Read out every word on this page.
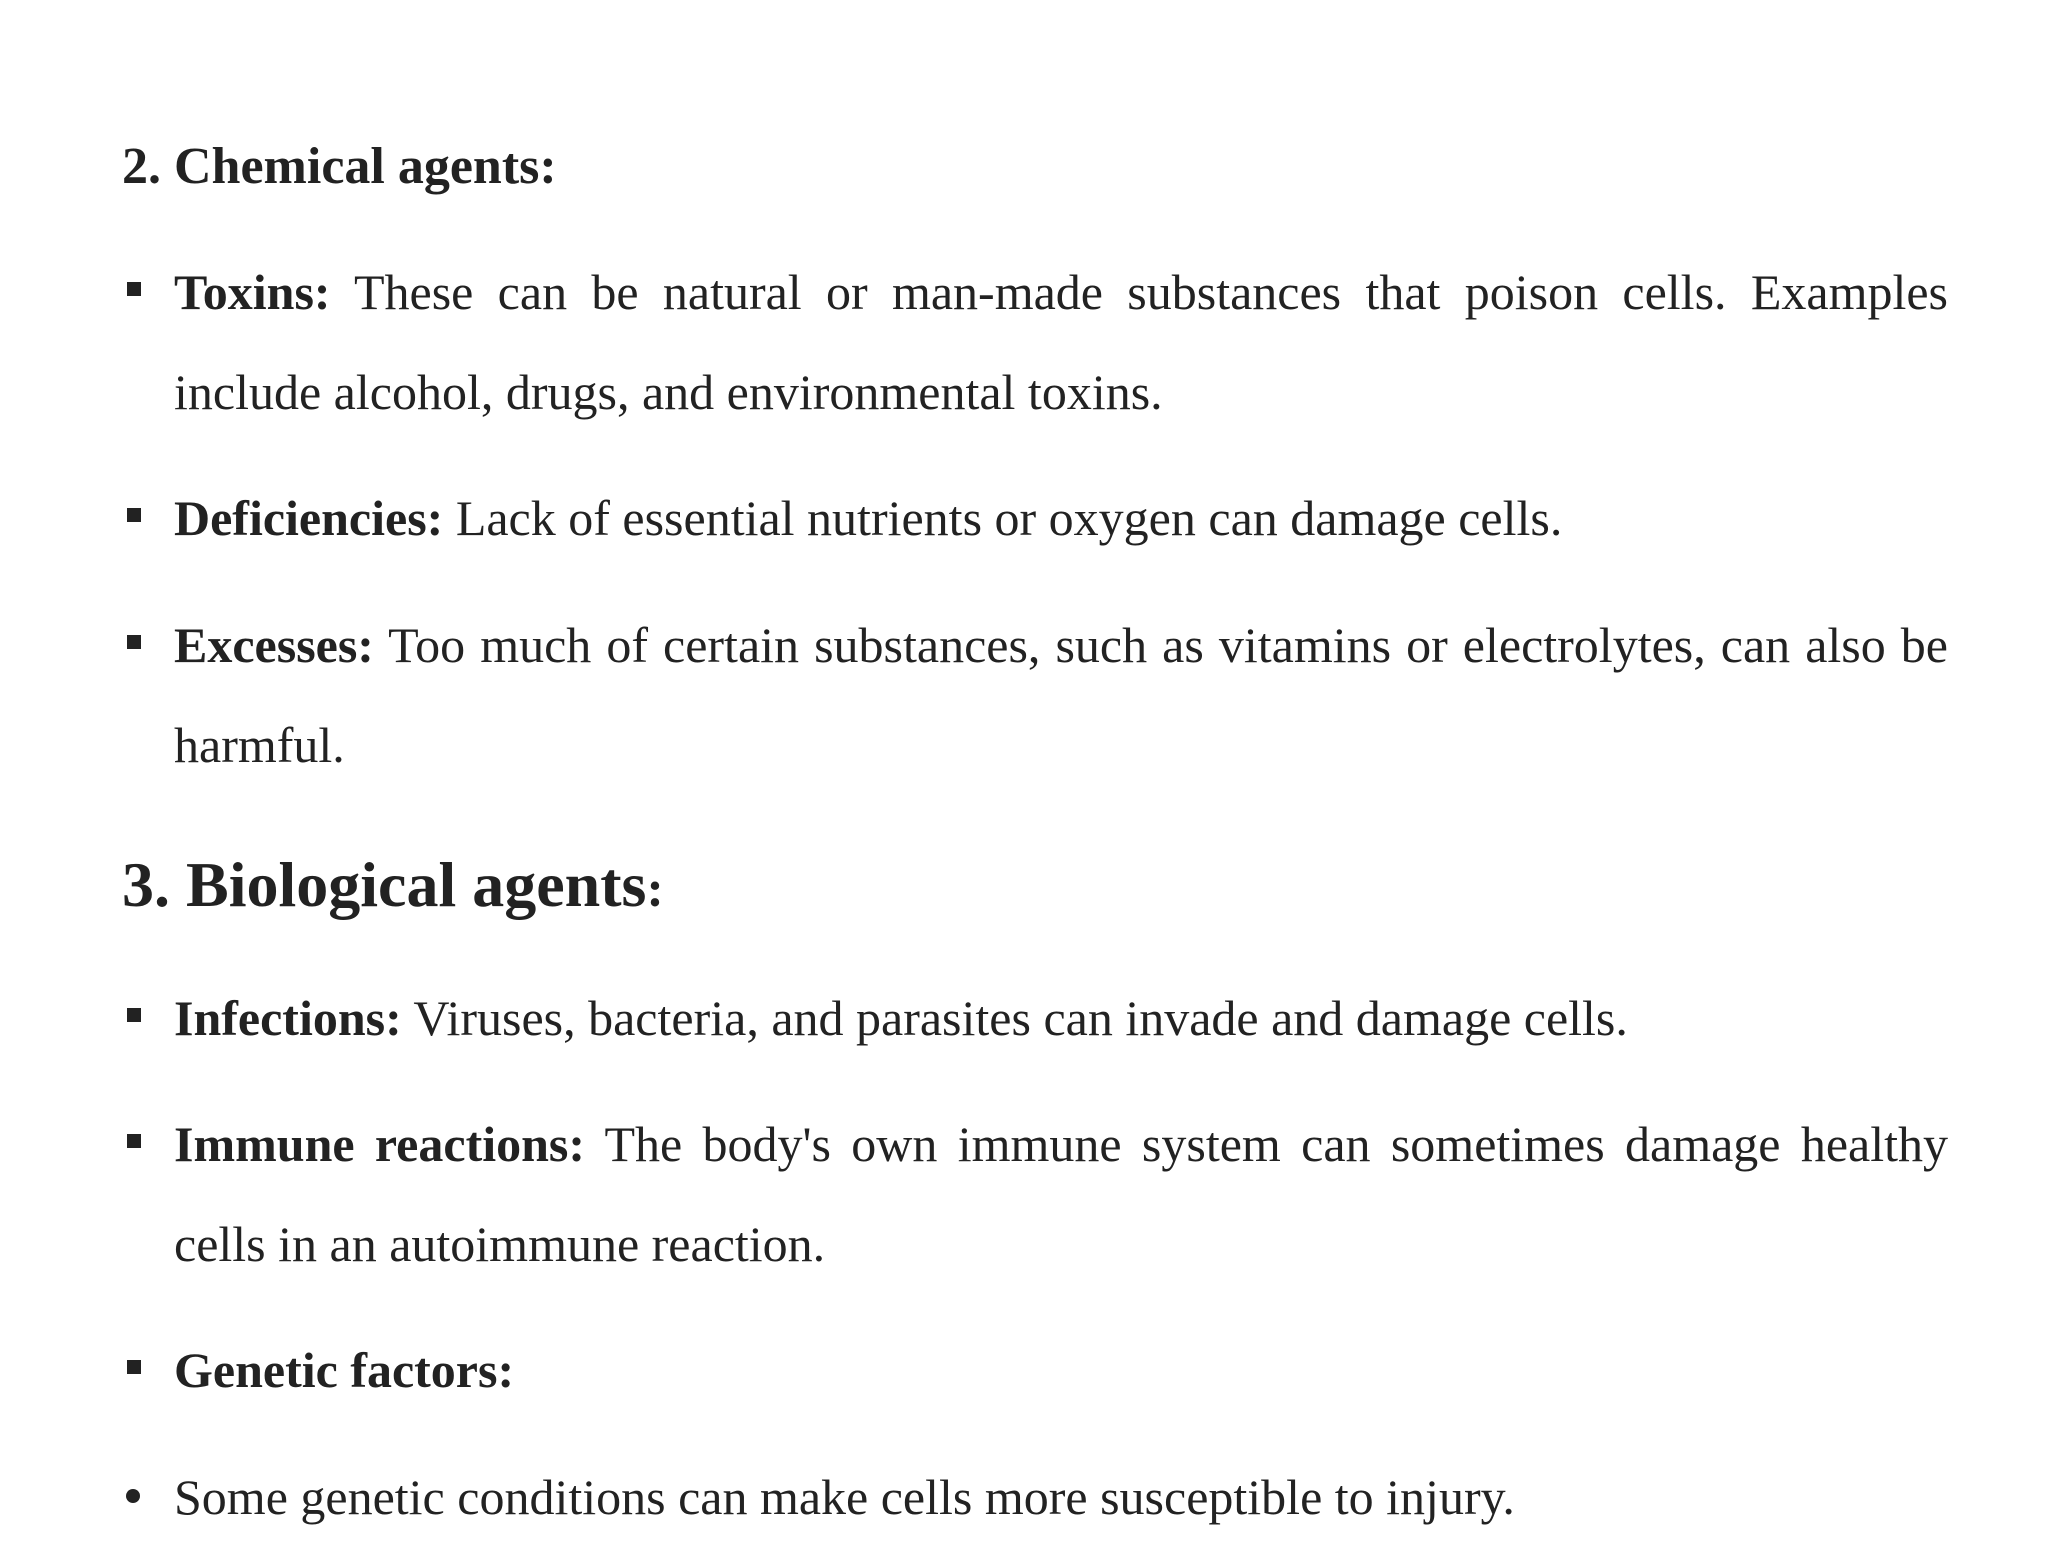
2. Chemical agents:
Toxins: These can be natural or man-made substances that poison cells. Examples include alcohol, drugs, and environmental toxins.
Deficiencies: Lack of essential nutrients or oxygen can damage cells.
Excesses: Too much of certain substances, such as vitamins or electrolytes, can also be harmful.
3. Biological agents:
Infections: Viruses, bacteria, and parasites can invade and damage cells.
Immune reactions: The body's own immune system can sometimes damage healthy cells in an autoimmune reaction.
Genetic factors:
Some genetic conditions can make cells more susceptible to injury.
